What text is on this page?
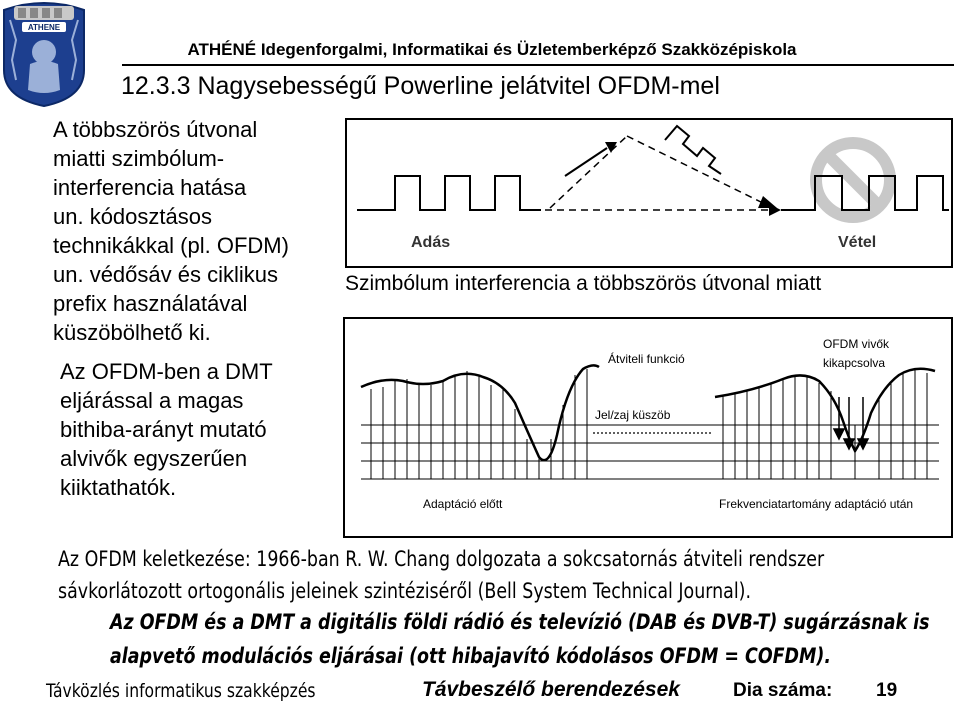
ATHENE
ATHÉNÉ Idegenforgalmi, Informatikai és Üzletemberképző Szakközépiskola
12.3.3 Nagysebességű Powerline jelátvitel OFDM-mel
A többszörös útvonal
miatti szimbólum-
interferencia hatása
un. kódosztásos
technikákkal (pl. OFDM)
un. védősáv és ciklikus
prefix használatával
küszöbölhető ki.
Az OFDM-ben a DMT
eljárással a magas
bithiba-arányt mutató
alvivők egyszerűen
kiiktathatók.
Adás	Vétel
Szimbólum interferencia a többszörös útvonal miatt
Átviteli funkció
OFDM vivők
kikapcsolva
Jel/zaj küszöb
Adaptáció előtt	Frekvenciatartomány adaptáció után
Az OFDM keletkezése: 1966-ban R. W. Chang dolgozata a sokcsatornás átviteli rendszer
sávkorlátozott ortogonális jeleinek szintéziséről (Bell System Technical Journal).
Az OFDM és a DMT a digitális földi rádió és televízió (DAB és DVB-T) sugárzásnak is
alapvető modulációs eljárásai (ott hibajavító kódolásos OFDM = COFDM).
Távközlés informatikus szakképzés	Távbeszélő berendezések	Dia száma: 19
